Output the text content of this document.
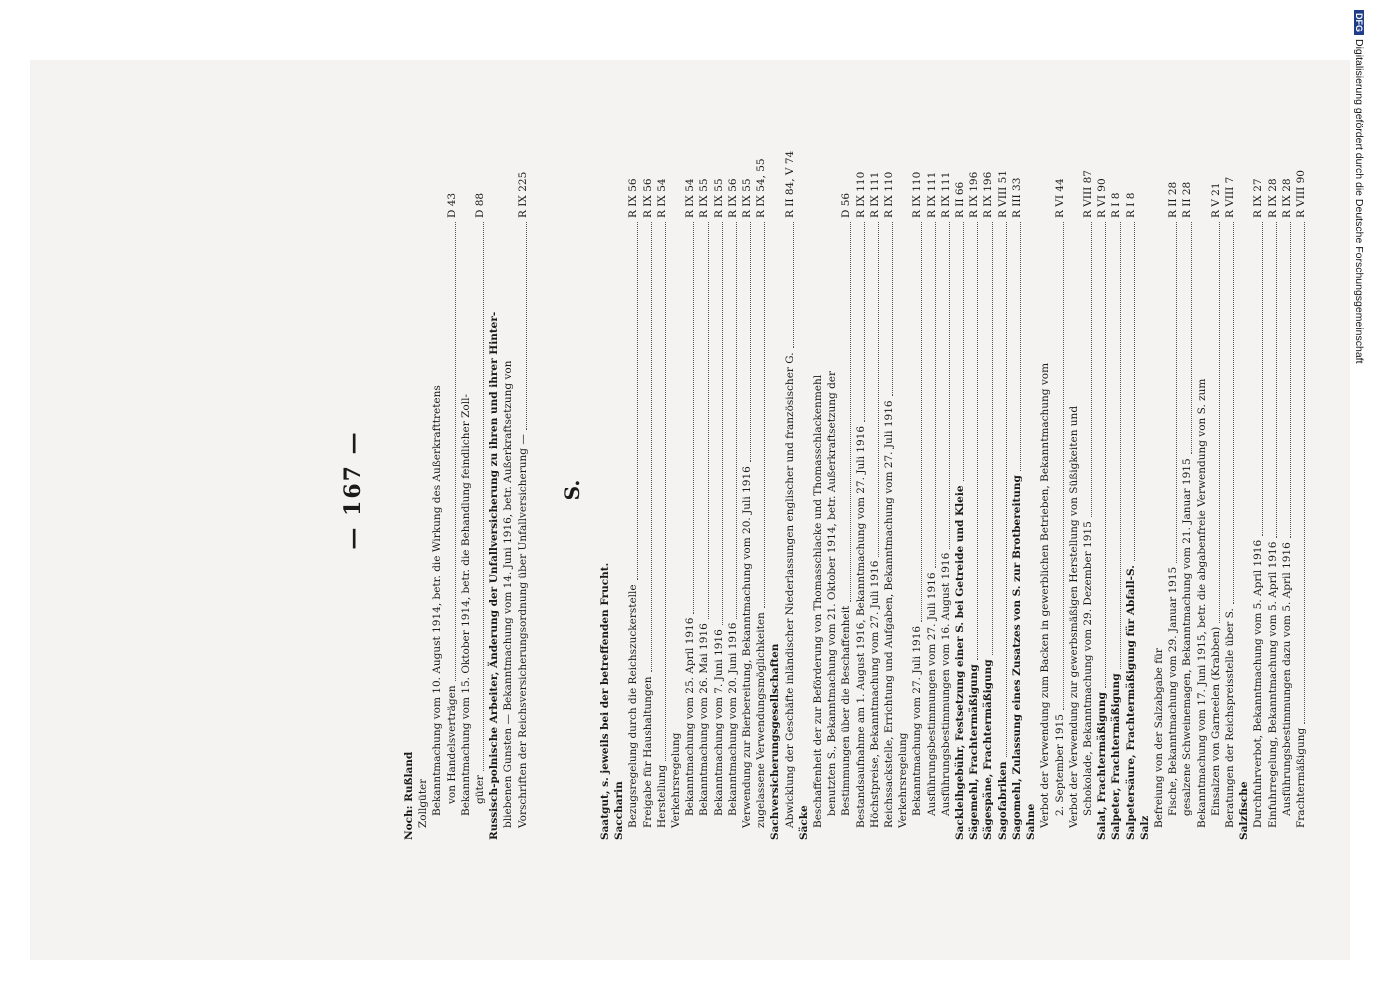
— 167 —
Noch: Rußland Zollgüter Bekanntmachung vom 10. August 1914, betr. die Wirkung des Außerkrafttretens von Handelsverträgen
D 43
Bekanntmachung vom 15. Oktober 1914, betr. die Behandlung feindlicher Zoll- güter
D 88
Russisch-polnische Arbeiter, Änderung der Unfallversicherung zu ihren und ihrer Hinter- bliebenen Gunsten — Bekanntmachung vom 14. Juni 1916, betr. Außerkraftsetzung von Vorschriften der Reichsversicherungsordnung über Unfallversicherung —
R IX 225
S.
Saatgut, s. jeweils bei der betreffenden Frucht. Saccharin Bezugsregelung durch die Reichszuckerstelle
R IX 56
Freigabe für Haushaltungen
R IX 56
Herstellung
R IX 54
Verkehrsregelung Bekanntmachung vom 25. April 1916
R IX 54
Bekanntmachung vom 26. Mai 1916
R IX 55
Bekanntmachung vom 7. Juni 1916
R IX 55
Bekanntmachung vom 20. Juni 1916
R IX 56
Verwendung zur Bierbereitung, Bekanntmachung vom 20. Juli 1916
R IX 55
zugelassene Verwendungsmöglichkeiten
R IX 54, 55
Sachversicherungsgesellschaften Abwicklung der Geschäfte inländischer Niederlassungen englischer und französischer G.
R II 84, V 74
Säcke Beschaffenheit der zur Beförderung von Thomasschlacke und Thomasschlackenmehl benutzten S., Bekanntmachung vom 21. Oktober 1914, betr. Außerkraftsetzung der Bestimmungen über die Beschaffenheit
D 56
Bestandsaufnahme am 1. August 1916, Bekanntmachung vom 27. Juli 1916
R IX 110
Höchstpreise, Bekanntmachung vom 27. Juli 1916
R IX 111
Reichssackstelle, Errichtung und Aufgaben, Bekanntmachung vom 27. Juli 1916
R IX 110
Verkehrsregelung Bekanntmachung vom 27. Juli 1916
R IX 110
Ausführungsbestimmungen vom 27. Juli 1916
R IX 111
Ausführungsbestimmungen vom 16. August 1916
R IX 111
Sackleihgebühr, Festsetzung einer S. bei Getreide und Kleie
R II 66
Sägemehl, Frachtermäßigung
R IX 196
Sägespäne, Frachtermäßigung
R IX 196
Sagofabriken
R VIII 51
Sagomehl, Zulassung eines Zusatzes von S. zur Brotbereitung
R III 33
Sahne Verbot der Verwendung zum Backen in gewerblichen Betrieben, Bekanntmachung vom 2. September 1915
R VI 44
Verbot der Verwendung zur gewerbsmäßigen Herstellung von Süßigkeiten und Schokolade, Bekanntmachung vom 29. Dezember 1915
R VIII 87
Salat, Frachtermäßigung
R VI 90
Salpeter, Frachtermäßigung
R I 8
Salpetersäure, Frachtermäßigung für Abfall-S.
R I 8
Salz Befreiung von der Salzabgabe für Fische, Bekanntmachung vom 29. Januar 1915
R II 28
gesalzene Schweinemagen, Bekanntmachung vom 21. Januar 1915
R II 28
Bekanntmachung vom 17. Juni 1915, betr. die abgabenfreie Verwendung von S. zum Einsalzen von Garneelen (Krabben)
R V 21
Beratungen der Reichspreisstelle über S.
R VIII 7
Salzfische Durchfuhrverbot, Bekanntmachung vom 5. April 1916
R IX 27
Einfuhrregelung, Bekanntmachung vom 5. April 1916
R IX 28
Ausführungsbestimmungen dazu vom 5. April 1916
R IX 28
Frachtermäßigung
R VIII 90
DFGDigitalisierung gefördert durch die Deutsche Forschungsgemeinschaft
